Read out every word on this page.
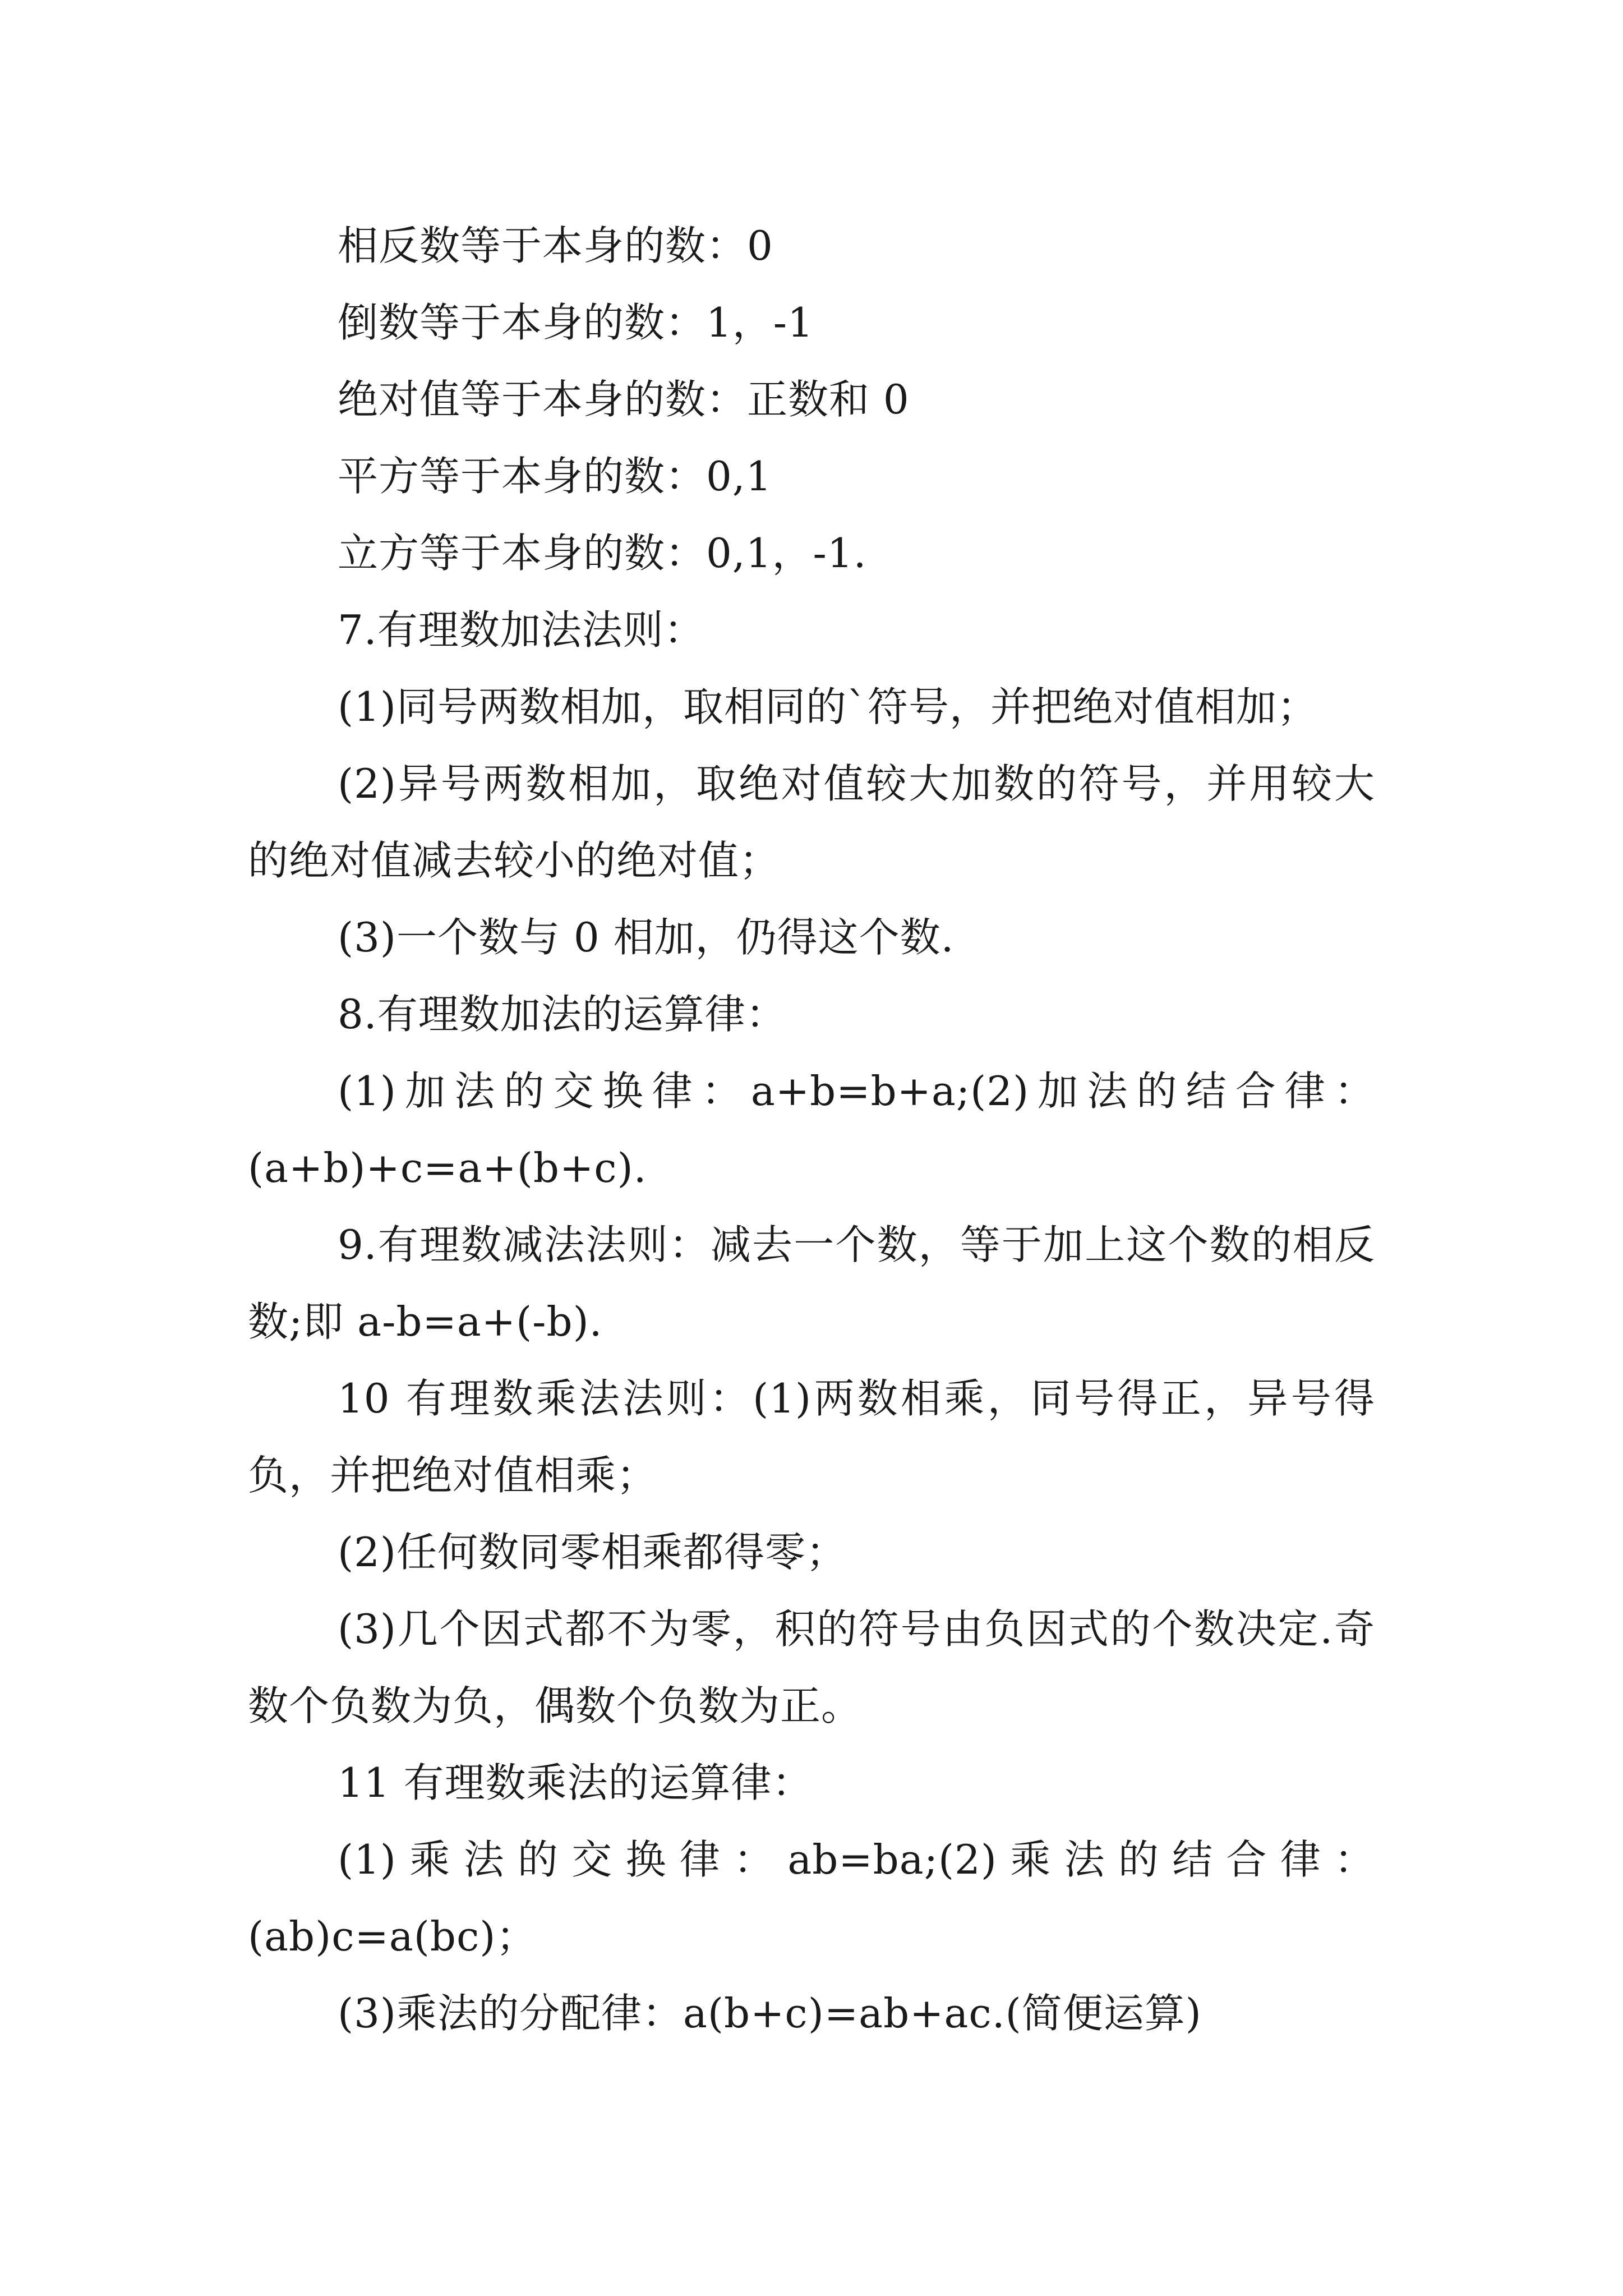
相反数等于本身的数：0

倒数等于本身的数：1，-1

绝对值等于本身的数：正数和 0

平方等于本身的数：0,1

立方等于本身的数：0,1，-1.

7.有理数加法法则：

(1)同号两数相加，取相同的`符号，并把绝对值相加；

(2)异号两数相加，取绝对值较大加数的符号，并用较大的绝对值减去较小的绝对值；

(3)一个数与 0 相加，仍得这个数.

8.有理数加法的运算律：

(1)加法的交换律：a+b=b+a;(2)加法的结合律：(a+b)+c=a+(b+c).

9.有理数减法法则：减去一个数，等于加上这个数的相反数;即 a-b=a+(-b).

10 有理数乘法法则：(1)两数相乘，同号得正，异号得负，并把绝对值相乘；

(2)任何数同零相乘都得零；

(3)几个因式都不为零，积的符号由负因式的个数决定.奇数个负数为负，偶数个负数为正。

11 有理数乘法的运算律：

(1)乘法的交换律：ab=ba;(2)乘法的结合律：(ab)c=a(bc)；

(3)乘法的分配律：a(b+c)=ab+ac.(简便运算)
